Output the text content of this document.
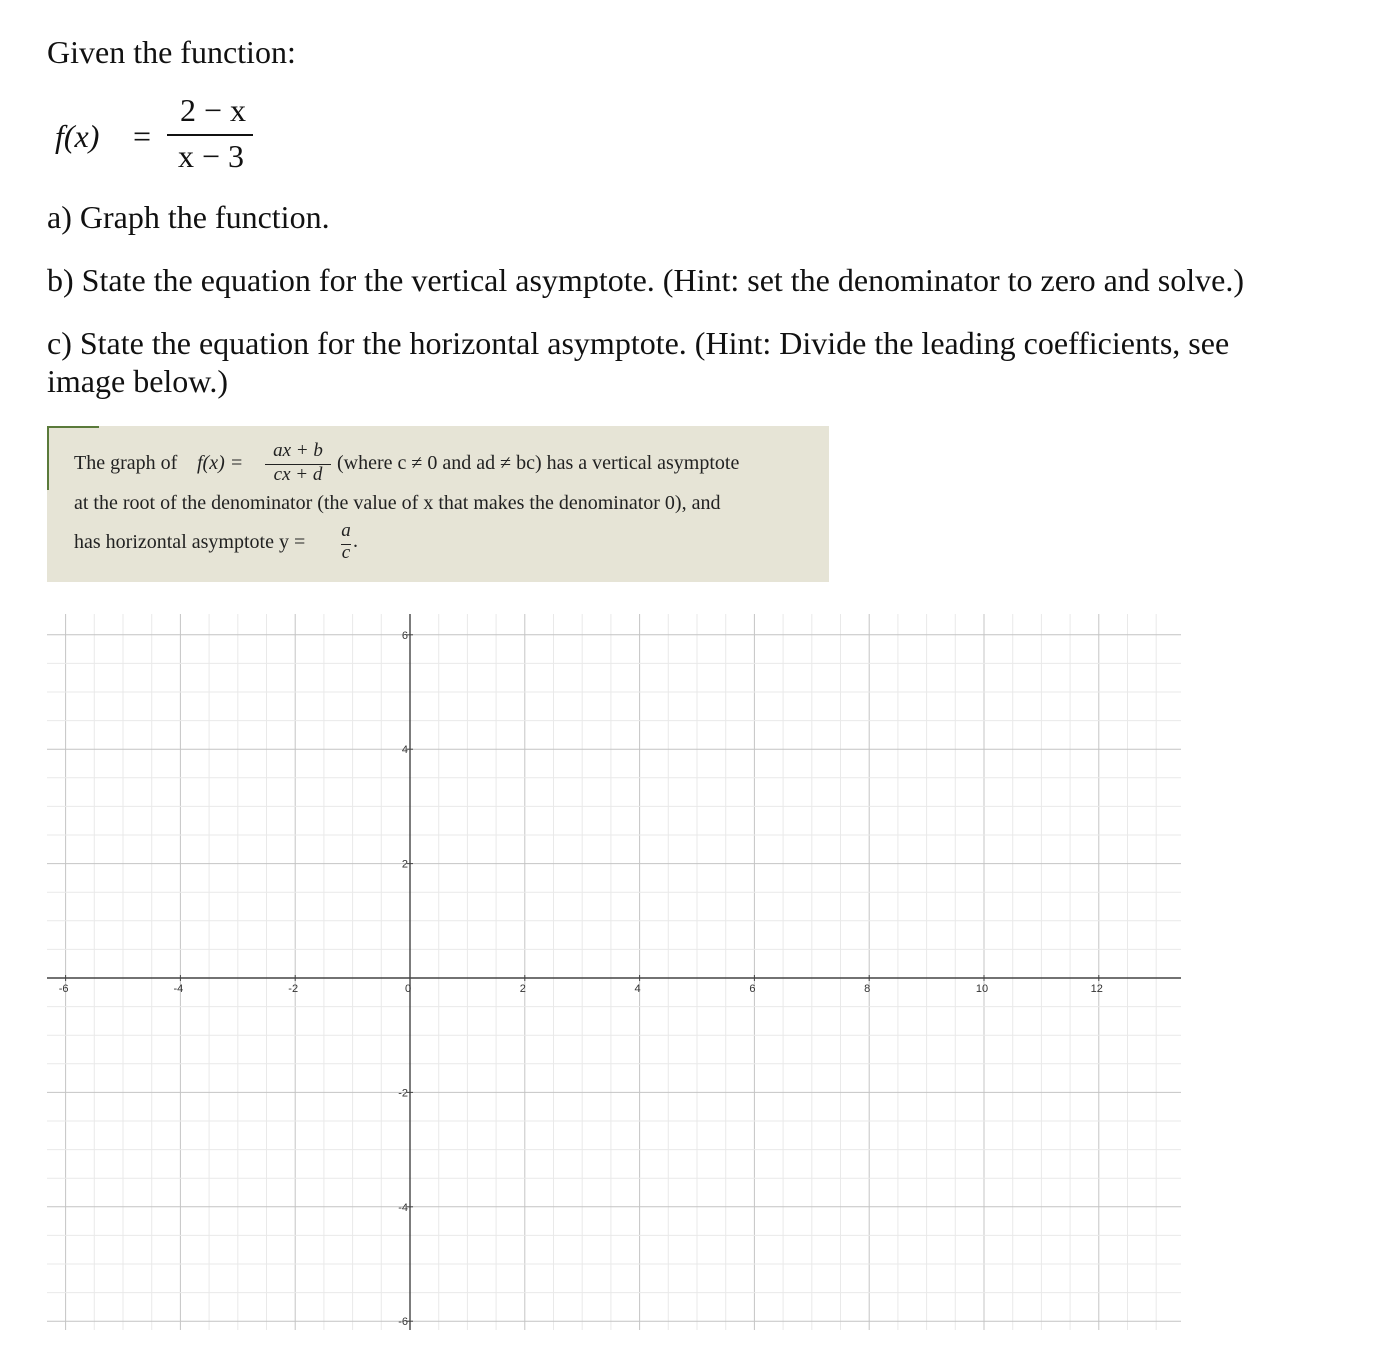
Given the function:
f(x) =
2 − x
x − 3
a) Graph the function.
b) State the equation for the vertical asymptote. (Hint: set the denominator to zero and solve.)
c) State the equation for the horizontal asymptote. (Hint: Divide the leading coefficients, see image below.)
The graph of f(x) =
ax + b
cx + d
(where c ≠ 0 and ad ≠ bc) has a vertical asymptote
at the root of the denominator (the value of x that makes the denominator 0), and
has horizontal asymptote y =
a
c
.
-6	-4	-2	0	2	4	6	8	10	12
6
4
2
-2
-4
-6
